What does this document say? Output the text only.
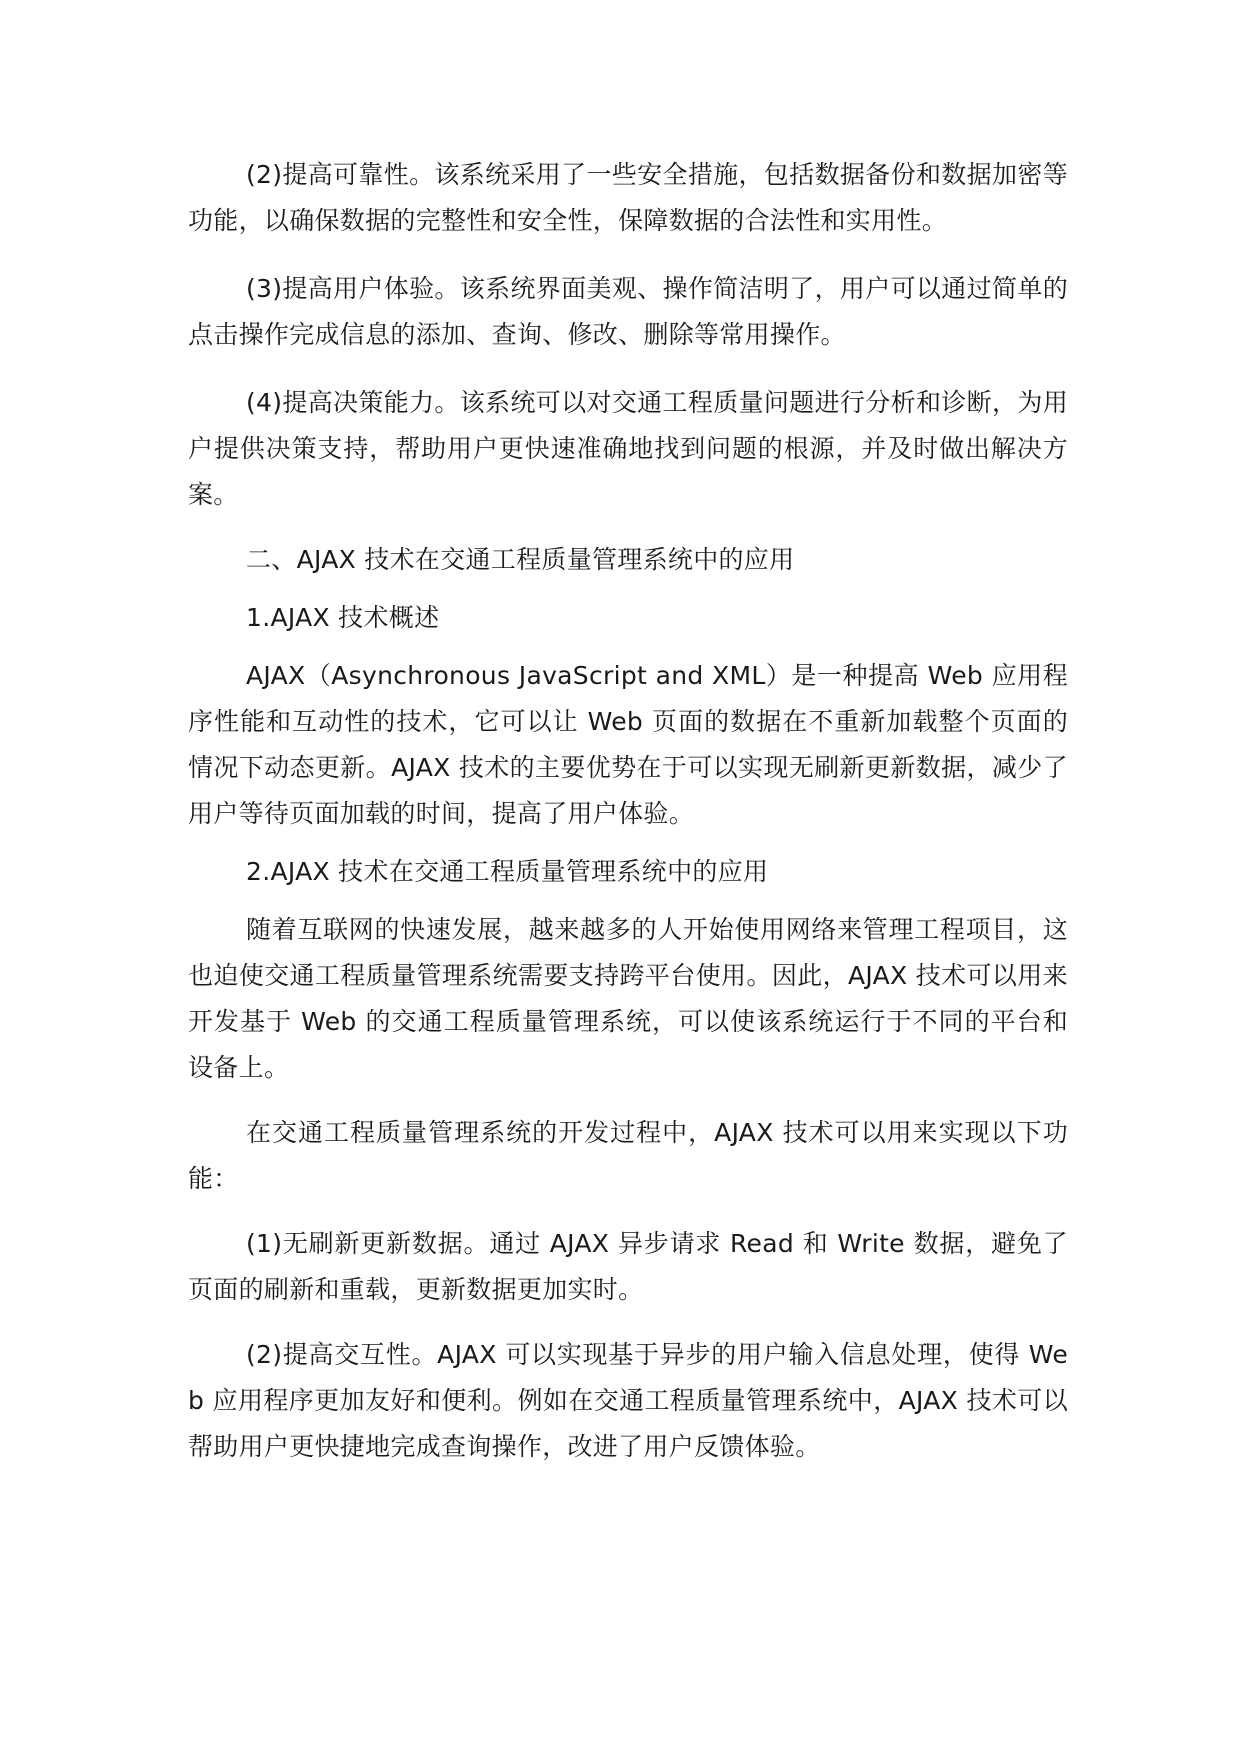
(2)提高可靠性。该系统采用了一些安全措施，包括数据备份和数据加密等功能，以确保数据的完整性和安全性，保障数据的合法性和实用性。

(3)提高用户体验。该系统界面美观、操作简洁明了，用户可以通过简单的点击操作完成信息的添加、查询、修改、删除等常用操作。

(4)提高决策能力。该系统可以对交通工程质量问题进行分析和诊断，为用户提供决策支持，帮助用户更快速准确地找到问题的根源，并及时做出解决方案。

二、AJAX 技术在交通工程质量管理系统中的应用

1.AJAX 技术概述

AJAX（Asynchronous JavaScript and XML）是一种提高 Web 应用程序性能和互动性的技术，它可以让 Web 页面的数据在不重新加载整个页面的情况下动态更新。AJAX 技术的主要优势在于可以实现无刷新更新数据，减少了用户等待页面加载的时间，提高了用户体验。

2.AJAX 技术在交通工程质量管理系统中的应用

随着互联网的快速发展，越来越多的人开始使用网络来管理工程项目，这也迫使交通工程质量管理系统需要支持跨平台使用。因此，AJAX 技术可以用来开发基于 Web 的交通工程质量管理系统，可以使该系统运行于不同的平台和设备上。

在交通工程质量管理系统的开发过程中，AJAX 技术可以用来实现以下功能：

(1)无刷新更新数据。通过 AJAX 异步请求 Read 和 Write 数据，避免了页面的刷新和重载，更新数据更加实时。

(2)提高交互性。AJAX 可以实现基于异步的用户输入信息处理，使得 Web 应用程序更加友好和便利。例如在交通工程质量管理系统中，AJAX 技术可以帮助用户更快捷地完成查询操作，改进了用户反馈体验。
